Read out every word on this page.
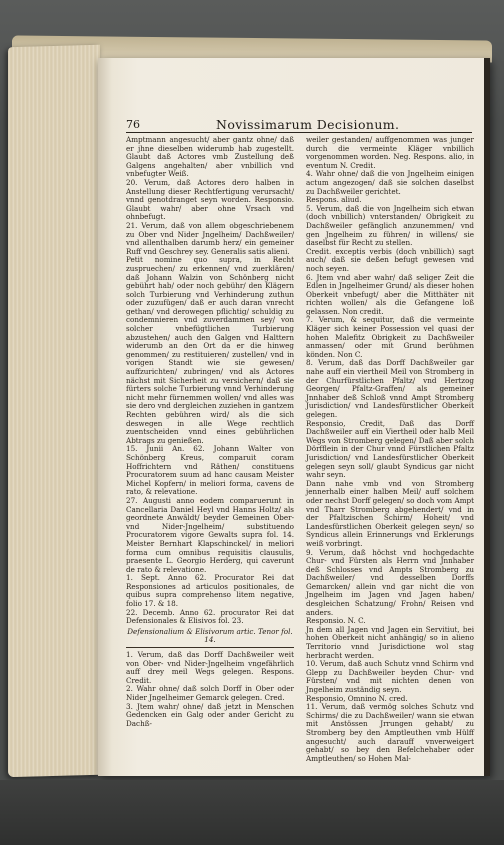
76	Novissimarum Decisionum.

Amptmann angesucht/ aber gantz ohne/ daß er jhne dieselben widerumb hab zugestellt. Glaubt daß Actores vmb Zustellung deß Galgens angehalten/ aber vnbillich vnd vnbefugter Weiß.

20. Verum, daß Actores dero halben in Anstellung dieser Rechtfertigung verursacht/ vnnd genotdranget seyn worden. Responsio. Glaubt wahr/ aber ohne Vrsach vnd ohnbefugt.

21. Verum, daß von allem obgeschriebenem zu Ober vnd Nider Jngelheim/ Dachßweiler/ vnd allenthalben darumb herz/ ein gemeiner Ruff vnd Geschrey sey. Generalis satis alieni.

Petit nomine quo supra, in Recht zuspruechen/ zu erkennen/ vnd zuerklären/ daß Johann Walzin von Schönberg nicht gebührt hab/ oder noch gebühr/ den Klägern solch Turbierung vnd Verhinderung zuthun oder zuzufügen/ daß er auch daran vnrecht gethan/ vnd derowegen pflichtig/ schuldig zu condemnieren vnd zuverdammen sey/ von solcher vnbefügtlichen Turbierung abzustehen/ auch den Galgen vnd Halttern widerumb an den Ort da er die hinweg genommen/ zu restituieren/ zustellen/ vnd in vorigen Standt wie sie gewesen/ auffzurichten/ zubringen/ vnd als Actores nächst mit Sicherheit zu versichern/ daß sie fürters solche Turbierung vnnd Verhinderung nicht mehr fürnemmen wollen/ vnd alles was sie dero vnd dergleichen zuziehen in gantzem Rechten gebühren wird/ als die sich deswegen in alle Wege rechtlich zuentscheiden vnnd eines gebührlichen Abtrags zu genießen.

15. Junii An. 62. Johann Walter von Schönberg Kreus, comparuit coram Hoffrichtern vnd Räthen/ constituens Procuratorem suum ad hanc causam Meister Michel Kopfern/ in meliori forma, cavens de rato, & relevatione.

27. Augusti anno eodem comparuerunt in Cancellaria Daniel Heyl vnd Hanns Holtz/ als geordnete Anwäldt/ beyder Gemeinen Ober- vnd Nider-Jngelheim/ substituendo Procuratorem vigore Gewalts supra fol. 14. Meister Bernhart Klapschinckel/ in meliori forma cum omnibus requisitis clausulis, praesente L. Georgio Herderg, qui caverunt de rato & relevatione.

1. Sept. Anno 62. Procurator Rei dat Responsiones ad articulos positionales, de quibus supra comprehenso litem negative, folio 17. & 18.

22. Decemb. Anno 62. procurator Rei dat Defensionales & Elisivos fol. 23.

Defensionalium & Elisivorum artic. Tenor fol. 14.

1. Verum, daß das Dorff Dachßweiler weit von Ober- vnd Nider-Jngelheim vngefährlich auff drey meil Wegs gelegen. Respons. Credit.

2. Wahr ohne/ daß solch Dorff in Ober oder Nider Jngelheimer Gemarck gelegen. Cred.

3. Jtem wahr/ ohne/ daß jetzt in Menschen Gedencken ein Galg oder ander Gericht zu Dachß-

weiler gestanden/ auffgenommen was junger durch die vermeinte Kläger vnbillich vorgenommen worden. Neg. Respons. alio, in eventum N. Credit.

4. Wahr ohne/ daß die von Jngelheim einigen actum angezogen/ daß sie solchen daselbst zu Dachßweiler gerichtet.

Respons. aliud.

5. Verum, daß die von Jngelheim sich etwan (doch vnbillich) vnterstanden/ Obrigkeit zu Dachßweiler gefänglich anzunemmen/ vnd gen Jngelheim zu führen/ in willens/ sie daselbst für Recht zu stellen.

Credit. exceptis verbis (doch vnbillich) sagt auch/ daß sie deßen befugt gewesen vnd noch seyen.

6. Jtem vnd aber wahr/ daß seliger Zeit die Edlen in Jngelheimer Grund/ als dieser hohen Oberkeit vnbefugt/ aber die Mitthäter nit richten wollen/ als die Gefangene loß gelassen. Non credit.

7. Verum, & sequitur, daß die vermeinte Kläger sich keiner Possession vel quasi der hohen Malefitz Obrigkeit zu Dachßweiler anmassen/ oder mit Grund berühmen könden. Non C.

8. Verum, daß das Dorff Dachßweiler gar nahe auff ein viertheil Meil von Stromberg in der Churfürstlichen Pfaltz/ vnd Hertzog Georgen/ Pfaltz-Graffen/ als gemeiner Jnnhaber deß Schloß vnnd Ampt Stromberg Jurisdiction/ vnd Landesfürstlicher Oberkeit gelegen.

Responsio, Credit, Daß das Dorff Dachßweiler auff ein Viertheil oder halb Meil Wegs von Stromberg gelegen/ Daß aber solch Dörfflein in der Chur vnnd Fürstlichen Pfaltz Jurisdiction/ vnd Landesfürstlicher Oberkeit gelegen seyn soll/ glaubt Syndicus gar nicht wahr seyn.

Dann nahe vmb vnd von Stromberg jennerhalb einer halben Meil/ auff solchem oder nechst Dorff gelegen/ so doch vom Ampt vnd Tharr Stromberg abgehendert/ vnd in der Pfaltzischen Schirm/ Hoheit/ vnd Landesfürstlichen Oberkeit gelegen seyn/ so Syndicus allein Erinnerungs vnd Erklerungs weiß vorbringt.

9. Verum, daß höchst vnd hochgedachte Chur- vnd Fürsten als Herrn vnd Jnnhaber deß Schlosses vnd Ampts Stromberg zu Dachßweiler/ vnd desselben Dorffs Gemarcken/ allein vnd gar nicht die von Jngelheim im Jagen vnd Jagen haben/ desgleichen Schatzung/ Frohn/ Reisen vnd anders.

Responsio. N. C.

Jn dem all Jagen vnd Jagen ein Servitiut, bei hohen Oberkeit nicht anhängig/ so in alieno Territorio vnnd Jurisdictione wol stag herbracht werden.

10. Verum, daß auch Schutz vnnd Schirm vnd Glepp zu Dachßweiler beyden Chur- vnd Fürsten/ vnd mit nichten denen von Jngelheim zuständig seyn.

Responsio, Omnino N. cred.

11. Verum, daß vermög solches Schutz vnd Schirms/ die zu Dachßweiler/ wann sie etwan mit Anstössen Jrrungen gehabt/ zu Stromberg bey den Amptleuthen vmb Hülff angesucht/ auch darauff vnverweigert gehabt/ so bey den Befelchehaber oder Amptleuthen/ so Hohen Mal-
